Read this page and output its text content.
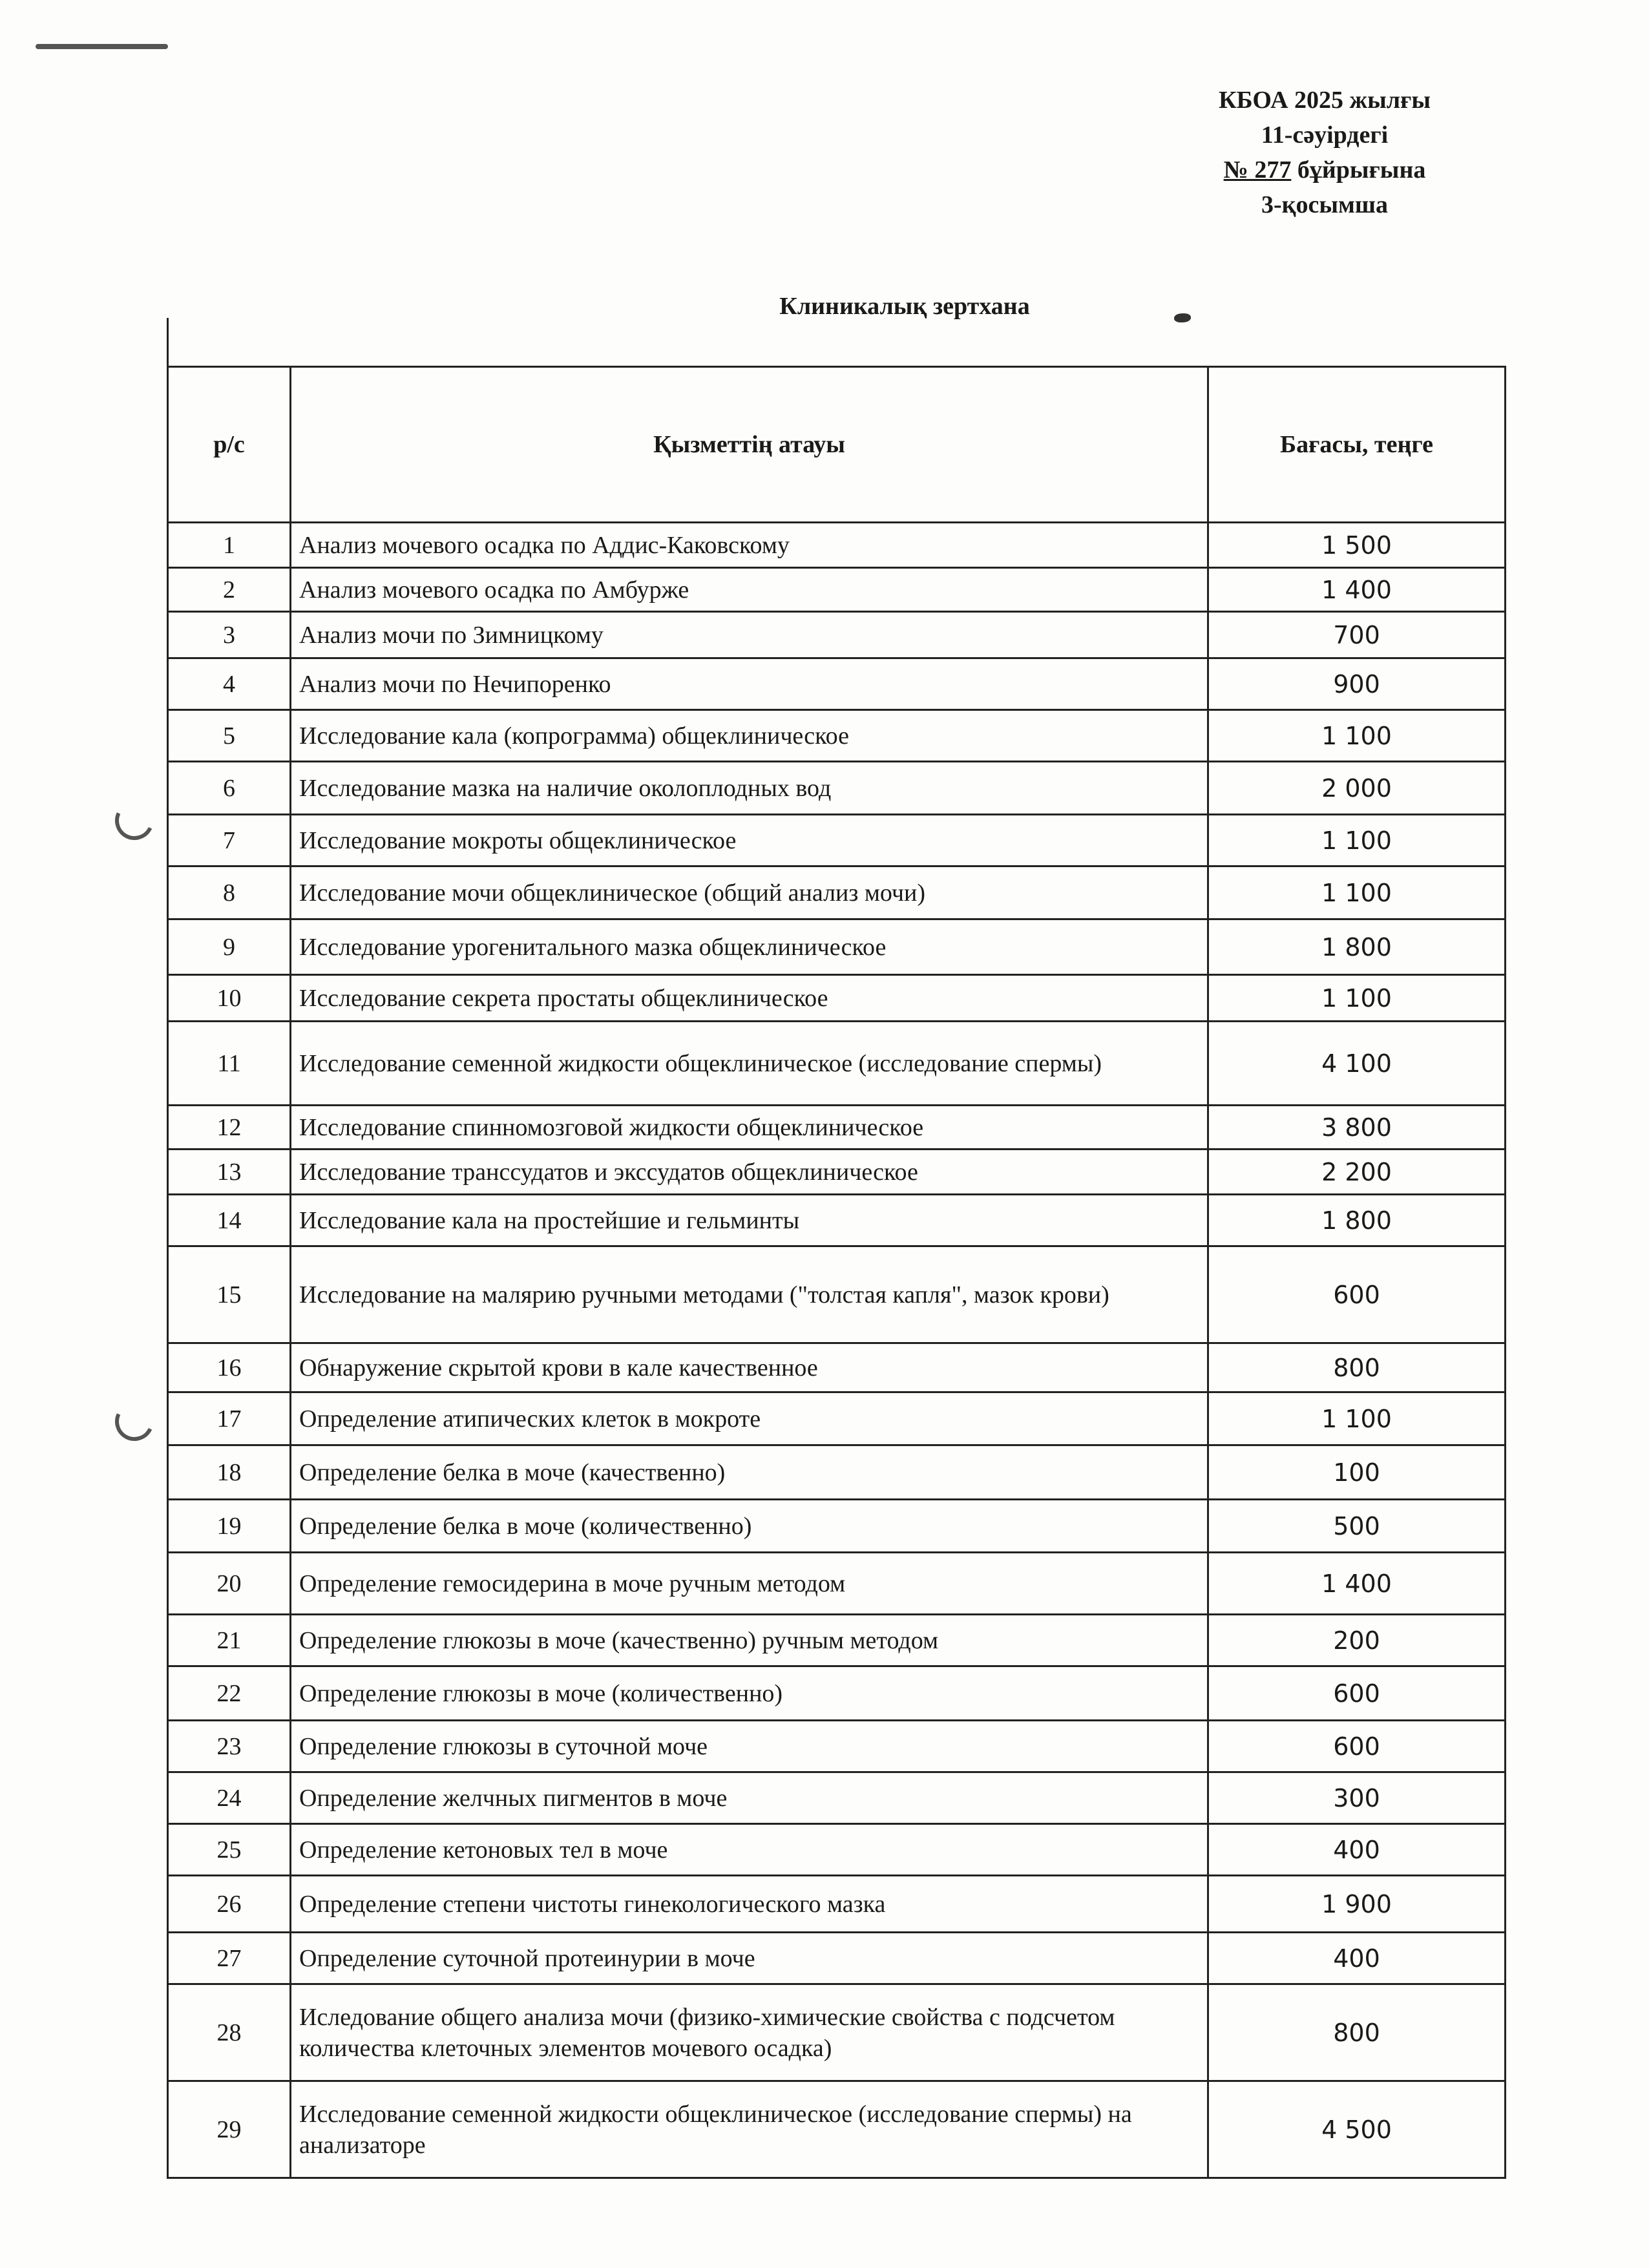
КБОА 2025 жылғы
11-сәуірдегі
№ 277 бұйрығына
3-қосымша
Клиникалық зертхана
р/с	Қызметтің атауы	Бағасы, теңге
1	Анализ мочевого осадка по Аддис-Каковскому	1 500
2	Анализ мочевого осадка по Амбурже	1 400
3	Анализ мочи по Зимницкому	700
4	Анализ мочи по Нечипоренко	900
5	Исследование кала (копрограмма) общеклиническое	1 100
6	Исследование мазка на наличие околоплодных вод	2 000
7	Исследование мокроты общеклиническое	1 100
8	Исследование мочи общеклиническое (общий анализ мочи)	1 100
9	Исследование урогенитального мазка общеклиническое	1 800
10	Исследование секрета простаты общеклиническое	1 100
11	Исследование семенной жидкости общеклиническое (исследование спермы)	4 100
12	Исследование спинномозговой жидкости общеклиническое	3 800
13	Исследование транссудатов и экссудатов общеклиническое	2 200
14	Исследование кала на простейшие и гельминты	1 800
15	Исследование на малярию ручными методами ("толстая капля", мазок крови)	600
16	Обнаружение скрытой крови в кале качественное	800
17	Определение атипических клеток в мокроте	1 100
18	Определение белка в моче (качественно)	100
19	Определение белка в моче (количественно)	500
20	Определение гемосидерина в моче ручным методом	1 400
21	Определение глюкозы в моче (качественно) ручным методом	200
22	Определение глюкозы в моче (количественно)	600
23	Определение глюкозы в суточной моче	600
24	Определение желчных пигментов в моче	300
25	Определение кетоновых тел в моче	400
26	Определение степени чистоты гинекологического мазка	1 900
27	Определение суточной протеинурии в моче	400
28	Иследование общего анализа мочи (физико-химические свойства с подсчетом количества клеточных элементов мочевого осадка)	800
29	Исследование семенной жидкости общеклиническое (исследование спермы) на анализаторе	4 500
